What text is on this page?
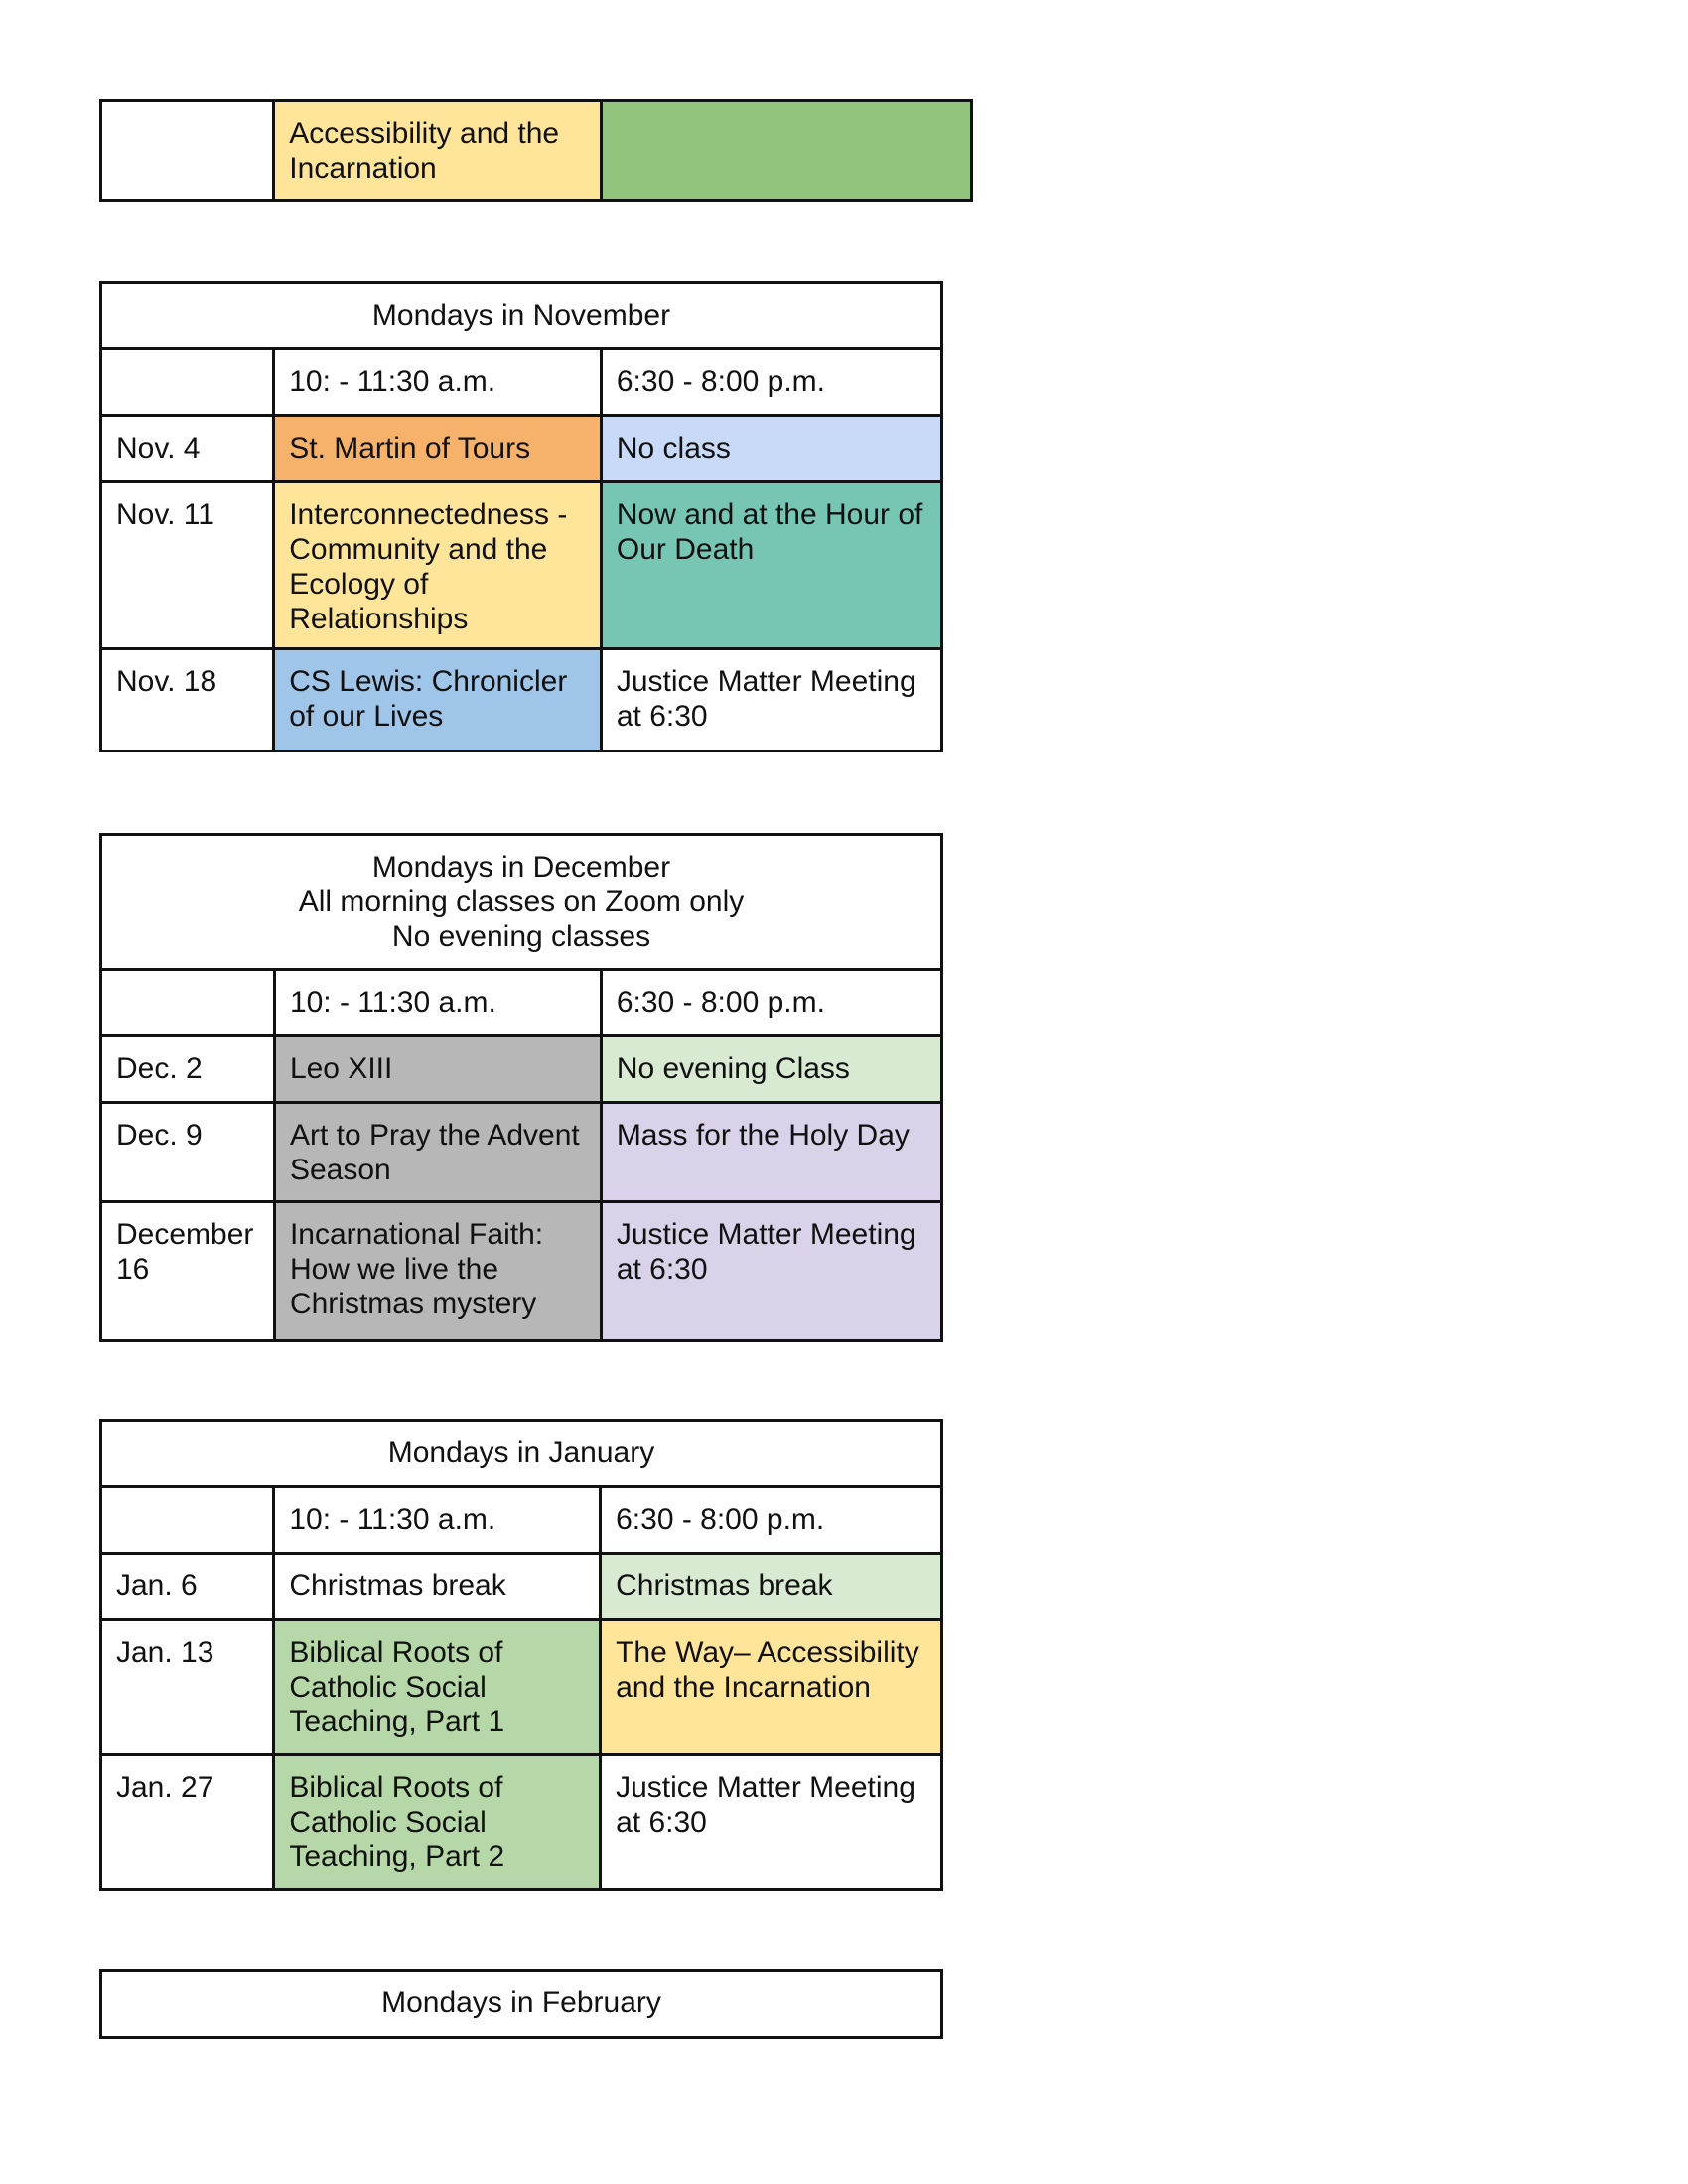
	Accessibility and the Incarnation	
Mondays in November		
	10: - 11:30 a.m.	6:30 - 8:00 p.m.
Nov. 4	St. Martin of Tours	No class
Nov. 11	Interconnectedness - Community and the Ecology of Relationships	Now and at the Hour of Our Death
Nov. 18	CS Lewis: Chronicler of our Lives	Justice Matter Meeting at 6:30
Mondays in December
All morning classes on Zoom only
No evening classes		

	10: - 11:30 a.m.	6:30 - 8:00 p.m.
Dec. 2	Leo XIII	No evening Class
Dec. 9	Art to Pray the Advent Season	Mass for the Holy Day
December 16	Incarnational Faith: How we live the Christmas mystery	Justice Matter Meeting at 6:30
Mondays in January		
	10: - 11:30 a.m.	6:30 - 8:00 p.m.
Jan. 6	Christmas break	Christmas break
Jan. 13	Biblical Roots of Catholic Social Teaching, Part 1	The Way– Accessibility and the Incarnation
Jan. 27	Biblical Roots of Catholic Social Teaching, Part 2	Justice Matter Meeting at 6:30
Mondays in February
